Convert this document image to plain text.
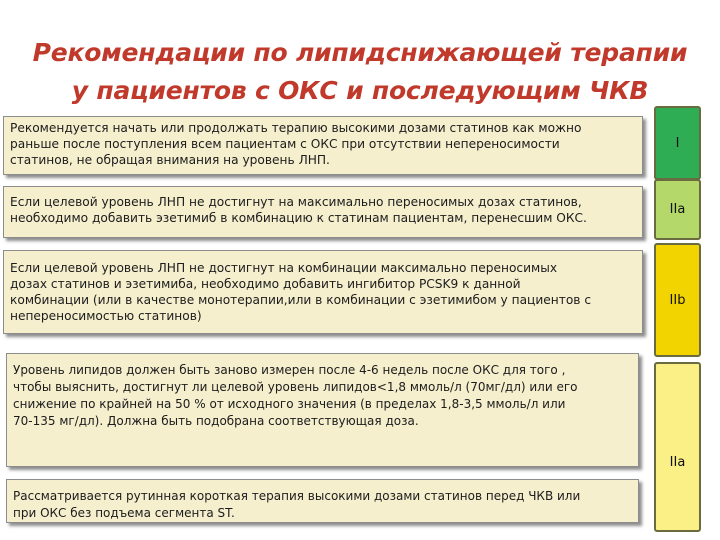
Рекомендации по липидснижающей терапии
у пациентов с ОКС и последующим ЧКВ
Рекомендуется начать или продолжать терапию высокими дозами статинов как можно
раньше после поступления всем пациентам с ОКС при отсутствии непереносимости
статинов, не обращая внимания на уровень ЛНП.
Если целевой уровень ЛНП не достигнут на максимально переносимых дозах статинов,
необходимо добавить эзетимиб в комбинацию к статинам пациентам, перенесшим ОКС.
Если целевой уровень ЛНП не достигнут на комбинации максимально переносимых
дозах статинов и эзетимиба, необходимо добавить ингибитор PCSK9 к данной
комбинации (или в качестве монотерапии,или в комбинации с эзетимибом у пациентов с
непереносимостью статинов)
Уровень липидов должен быть заново измерен после 4-6 недель после ОКС для того ,
чтобы выяснить, достигнут ли целевой уровень липидов<1,8 ммоль/л (70мг/дл) или его
снижение по крайней на 50 % от исходного значения (в пределах 1,8-3,5 ммоль/л или
70-135 мг/дл). Должна быть подобрана соответствующая доза.
Рассматривается рутинная короткая терапия высокими дозами статинов перед ЧКВ или
при ОКС без подъема сегмента ST.
I
IIa
IIb
IIa
